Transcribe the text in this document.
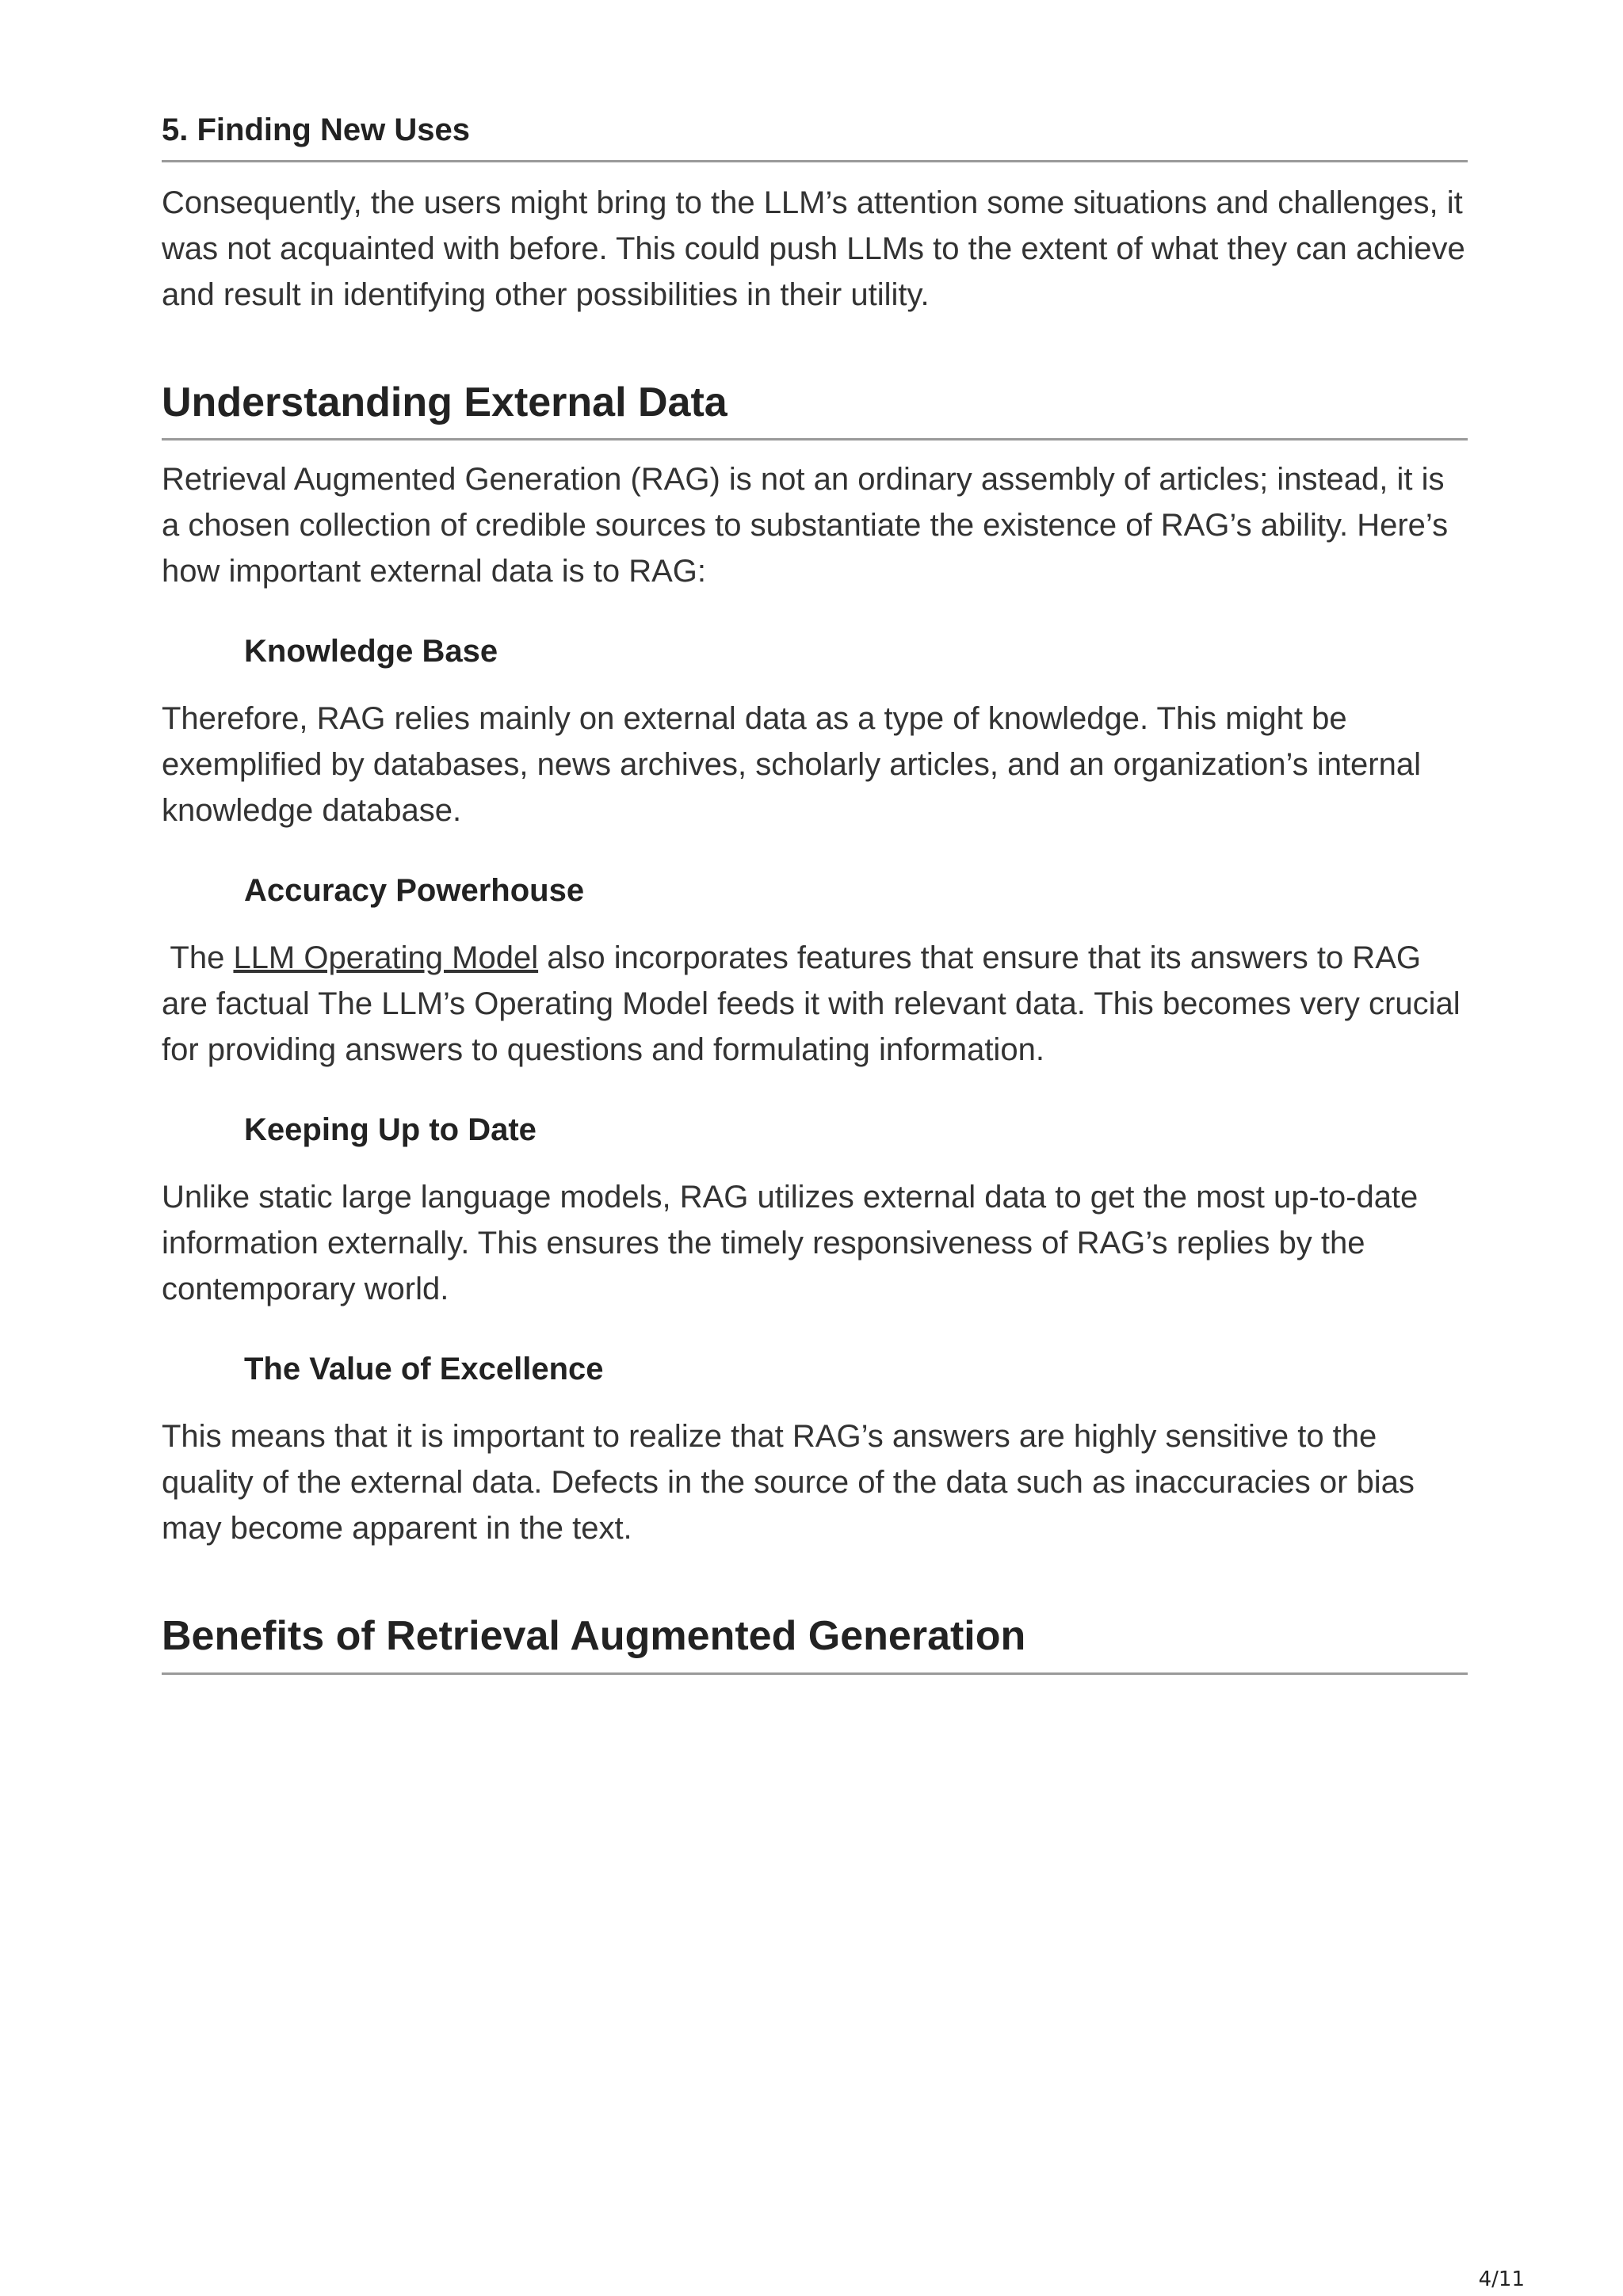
5. Finding New Uses

Consequently, the users might bring to the LLM’s attention some situations and challenges, it was not acquainted with before. This could push LLMs to the extent of what they can achieve and result in identifying other possibilities in their utility.

Understanding External Data

Retrieval Augmented Generation (RAG) is not an ordinary assembly of articles; instead, it is a chosen collection of credible sources to substantiate the existence of RAG’s ability. Here’s how important external data is to RAG:

Knowledge Base

Therefore, RAG relies mainly on external data as a type of knowledge. This might be exemplified by databases, news archives, scholarly articles, and an organization’s internal knowledge database.

Accuracy Powerhouse

The LLM Operating Model also incorporates features that ensure that its answers to RAG are factual The LLM’s Operating Model feeds it with relevant data. This becomes very crucial for providing answers to questions and formulating information.

Keeping Up to Date

Unlike static large language models, RAG utilizes external data to get the most up-to-date information externally. This ensures the timely responsiveness of RAG’s replies by the contemporary world.

The Value of Excellence

This means that it is important to realize that RAG’s answers are highly sensitive to the quality of the external data. Defects in the source of the data such as inaccuracies or bias may become apparent in the text.

Benefits of Retrieval Augmented Generation
4/11
